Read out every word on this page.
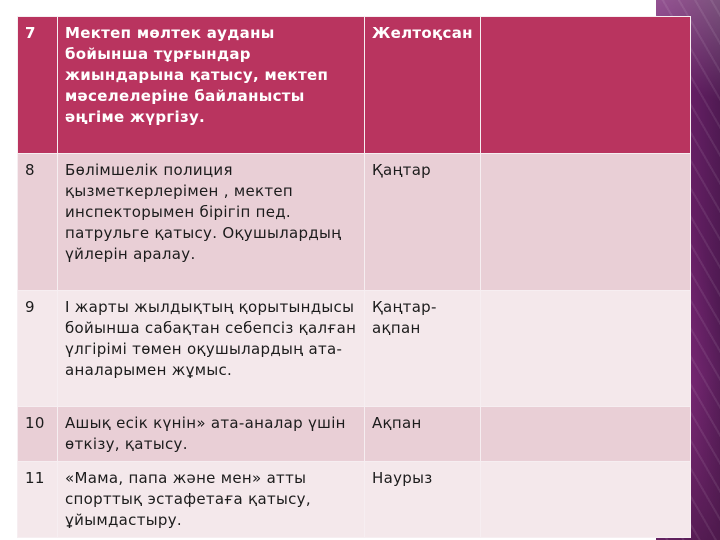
7	Мектеп мөлтек ауданы бойынша тұрғындар жиындарына қатысу, мектеп мәселелеріне байланысты әңгіме жүргізу.	Желтоқсан	
8	Бөлімшелік полиция қызметкерлерімен , мектеп инспекторымен бірігіп пед. патрульге қатысу. Оқушылардың үйлерін аралау.	Қаңтар	
9	І жарты жылдықтың қорытындысы бойынша сабақтан себепсіз қалған үлгірімі төмен оқушылардың ата-аналарымен жұмыс.	Қаңтар-ақпан	
10	Ашық есік күнін» ата-аналар үшін өткізу, қатысу.	Ақпан	
11	«Мама, папа және мен» атты спорттық эстафетаға қатысу, ұйымдастыру.	Наурыз	
